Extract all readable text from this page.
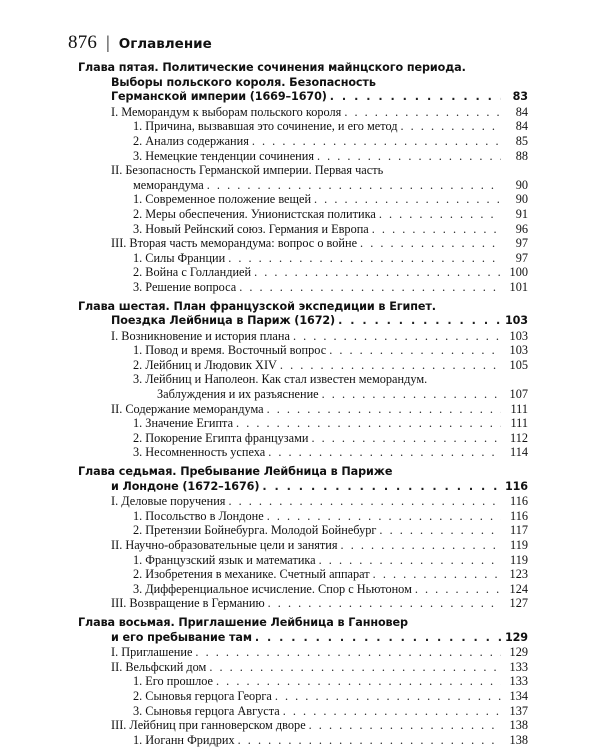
876 | Оглавление
Глава пятая. Политические сочинения майнцского периода.
Выборы польского короля. Безопасность
Германской империи (1669–1670) . . .	83
I. Меморандум к выборам польского короля . . .	84
1. Причина, вызвавшая это сочинение, и его метод . . .	84
2. Анализ содержания . . .	85
3. Немецкие тенденции сочинения . . .	88
II. Безопасность Германской империи. Первая часть
меморандума . . .	90
1. Современное положение вещей . . .	90
2. Меры обеспечения. Унионистская политика . . .	91
3. Новый Рейнский союз. Германия и Европа . . .	96
III. Вторая часть меморандума: вопрос о войне . . .	97
1. Силы Франции . . .	97
2. Война с Голландией . . .	100
3. Решение вопроса . . .	101
Глава шестая. План французской экспедиции в Египет.
Поездка Лейбница в Париж (1672) . . .	103
I. Возникновение и история плана . . .	103
1. Повод и время. Восточный вопрос . . .	103
2. Лейбниц и Людовик XIV . . .	105
3. Лейбниц и Наполеон. Как стал известен меморандум.
Заблуждения и их разъяснение . . .	107
II. Содержание меморандума . . .	111
1. Значение Египта . . .	111
2. Покорение Египта французами . . .	112
3. Несомненность успеха . . .	114
Глава седьмая. Пребывание Лейбница в Париже
и Лондоне (1672–1676) . . .	116
I. Деловые поручения . . .	116
1. Посольство в Лондоне . . .	116
2. Претензии Бойнебурга. Молодой Бойнебург . . .	117
II. Научно-образовательные цели и занятия . . .	119
1. Французский язык и математика . . .	119
2. Изобретения в механике. Счетный аппарат . . .	123
3. Дифференциальное исчисление. Спор с Ньютоном . . .	124
III. Возвращение в Германию . . .	127
Глава восьмая. Приглашение Лейбница в Ганновер
и его пребывание там . . .	129
I. Приглашение . . .	129
II. Вельфский дом . . .	133
1. Его прошлое . . .	133
2. Сыновья герцога Георга . . .	134
3. Сыновья герцога Августа . . .	137
III. Лейбниц при ганноверском дворе . . .	138
1. Иоганн Фридрих . . .	138
